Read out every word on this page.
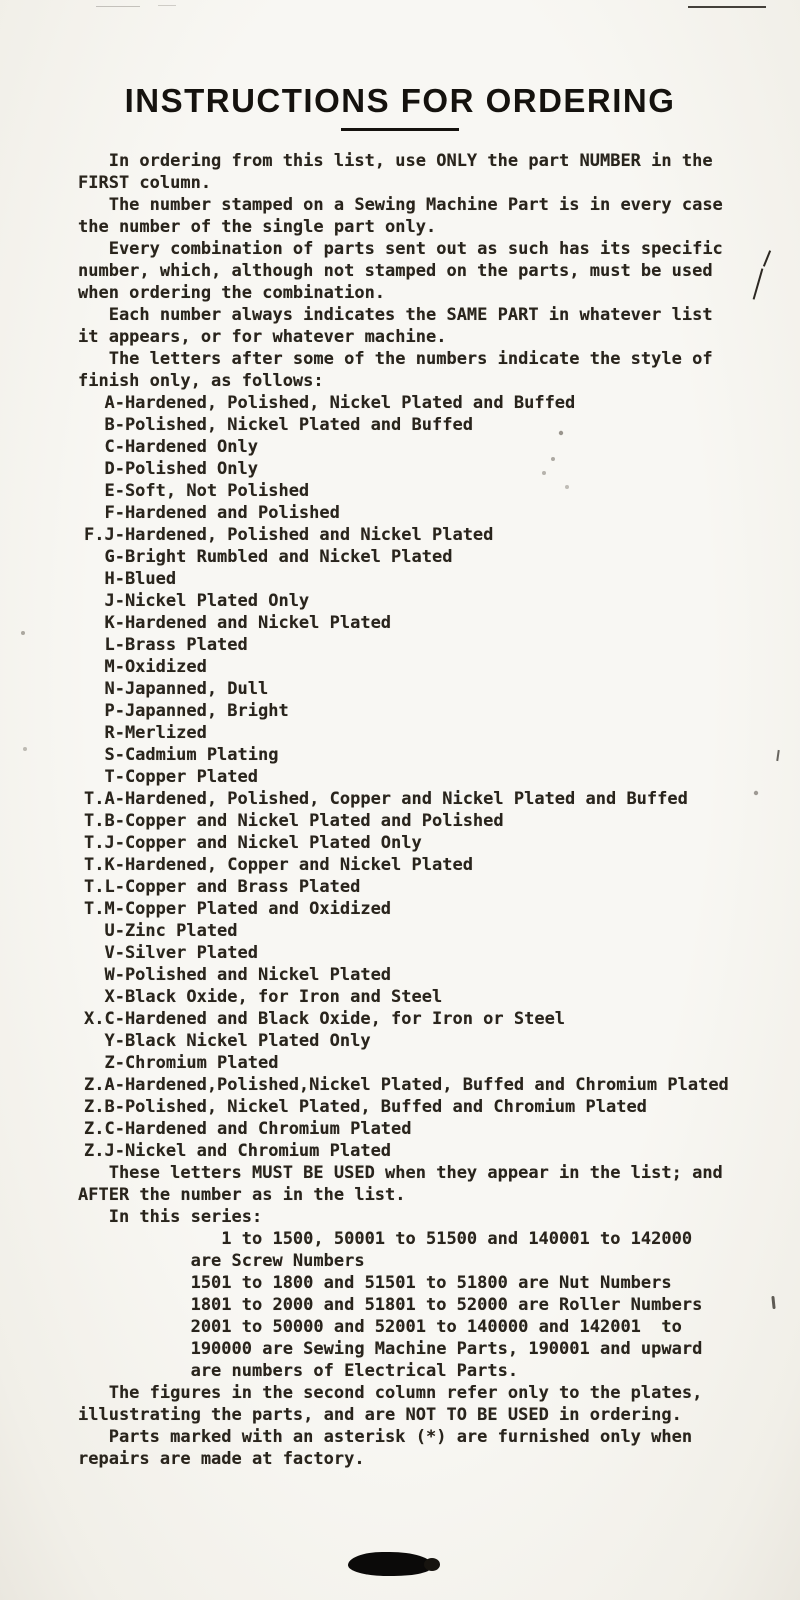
INSTRUCTIONS FOR ORDERING
In ordering from this list, use ONLY the part NUMBER in the
FIRST column.
The number stamped on a Sewing Machine Part is in every case
the number of the single part only.
Every combination of parts sent out as such has its specific
number, which, although not stamped on the parts, must be used
when ordering the combination.
Each number always indicates the SAME PART in whatever list
it appears, or for whatever machine.
The letters after some of the numbers indicate the style of
finish only, as follows:
A-Hardened, Polished, Nickel Plated and Buffed
B-Polished, Nickel Plated and Buffed
C-Hardened Only
D-Polished Only
E-Soft, Not Polished
F-Hardened and Polished
F.J-Hardened, Polished and Nickel Plated
G-Bright Rumbled and Nickel Plated
H-Blued
J-Nickel Plated Only
K-Hardened and Nickel Plated
L-Brass Plated
M-Oxidized
N-Japanned, Dull
P-Japanned, Bright
R-Merlized
S-Cadmium Plating
T-Copper Plated
T.A-Hardened, Polished, Copper and Nickel Plated and Buffed
T.B-Copper and Nickel Plated and Polished
T.J-Copper and Nickel Plated Only
T.K-Hardened, Copper and Nickel Plated
T.L-Copper and Brass Plated
T.M-Copper Plated and Oxidized
U-Zinc Plated
V-Silver Plated
W-Polished and Nickel Plated
X-Black Oxide, for Iron and Steel
X.C-Hardened and Black Oxide, for Iron or Steel
Y-Black Nickel Plated Only
Z-Chromium Plated
Z.A-Hardened,Polished,Nickel Plated, Buffed and Chromium Plated
Z.B-Polished, Nickel Plated, Buffed and Chromium Plated
Z.C-Hardened and Chromium Plated
Z.J-Nickel and Chromium Plated
These letters MUST BE USED when they appear in the list; and
AFTER the number as in the list.
In this series:
1 to 1500, 50001 to 51500 and 140001 to 142000
are Screw Numbers
1501 to 1800 and 51501 to 51800 are Nut Numbers
1801 to 2000 and 51801 to 52000 are Roller Numbers
2001 to 50000 and 52001 to 140000 and 142001  to
190000 are Sewing Machine Parts, 190001 and upward
are numbers of Electrical Parts.
The figures in the second column refer only to the plates,
illustrating the parts, and are NOT TO BE USED in ordering.
Parts marked with an asterisk (*) are furnished only when
repairs are made at factory.
